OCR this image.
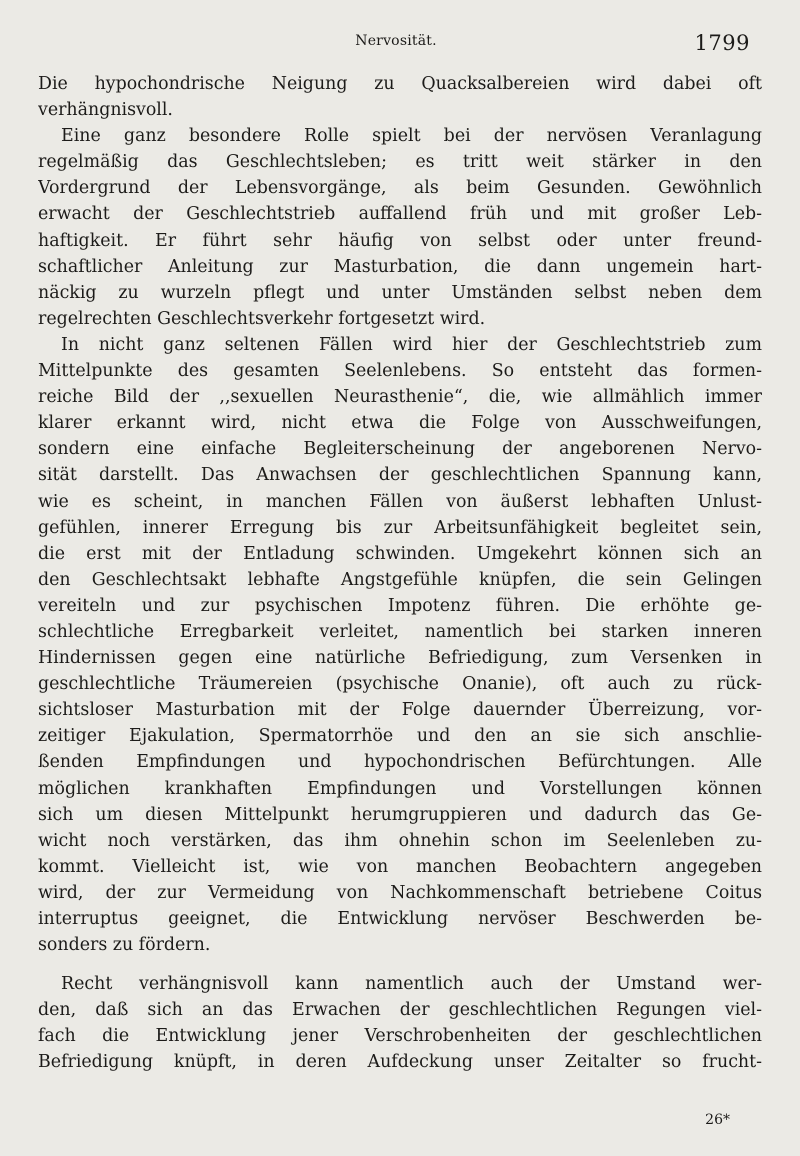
Nervosität.	1799
Die hypochondrische Neigung zu Quacksalbereien wird dabei oft
verhängnisvoll.
Eine ganz besondere Rolle spielt bei der nervösen Veranlagung
regelmäßig das Geschlechtsleben; es tritt weit stärker in den
Vordergrund der Lebensvorgänge, als beim Gesunden. Gewöhnlich
erwacht der Geschlechtstrieb auffallend früh und mit großer Leb-
haftigkeit. Er führt sehr häufig von selbst oder unter freund-
schaftlicher Anleitung zur Masturbation, die dann ungemein hart-
näckig zu wurzeln pflegt und unter Umständen selbst neben dem
regelrechten Geschlechtsverkehr fortgesetzt wird.
In nicht ganz seltenen Fällen wird hier der Geschlechtstrieb zum
Mittelpunkte des gesamten Seelenlebens. So entsteht das formen-
reiche Bild der ,,sexuellen Neurasthenie“, die, wie allmählich immer
klarer erkannt wird, nicht etwa die Folge von Ausschweifungen,
sondern eine einfache Begleiterscheinung der angeborenen Nervo-
sität darstellt. Das Anwachsen der geschlechtlichen Spannung kann,
wie es scheint, in manchen Fällen von äußerst lebhaften Unlust-
gefühlen, innerer Erregung bis zur Arbeitsunfähigkeit begleitet sein,
die erst mit der Entladung schwinden. Umgekehrt können sich an
den Geschlechtsakt lebhafte Angstgefühle knüpfen, die sein Gelingen
vereiteln und zur psychischen Impotenz führen. Die erhöhte ge-
schlechtliche Erregbarkeit verleitet, namentlich bei starken inneren
Hindernissen gegen eine natürliche Befriedigung, zum Versenken in
geschlechtliche Träumereien (psychische Onanie), oft auch zu rück-
sichtsloser Masturbation mit der Folge dauernder Überreizung, vor-
zeitiger Ejakulation, Spermatorrhöe und den an sie sich anschlie-
ßenden Empfindungen und hypochondrischen Befürchtungen. Alle
möglichen krankhaften Empfindungen und Vorstellungen können
sich um diesen Mittelpunkt herumgruppieren und dadurch das Ge-
wicht noch verstärken, das ihm ohnehin schon im Seelenleben zu-
kommt. Vielleicht ist, wie von manchen Beobachtern angegeben
wird, der zur Vermeidung von Nachkommenschaft betriebene Coitus
interruptus geeignet, die Entwicklung nervöser Beschwerden be-
sonders zu fördern.
Recht verhängnisvoll kann namentlich auch der Umstand wer-
den, daß sich an das Erwachen der geschlechtlichen Regungen viel-
fach die Entwicklung jener Verschrobenheiten der geschlechtlichen
Befriedigung knüpft, in deren Aufdeckung unser Zeitalter so frucht-
26*
